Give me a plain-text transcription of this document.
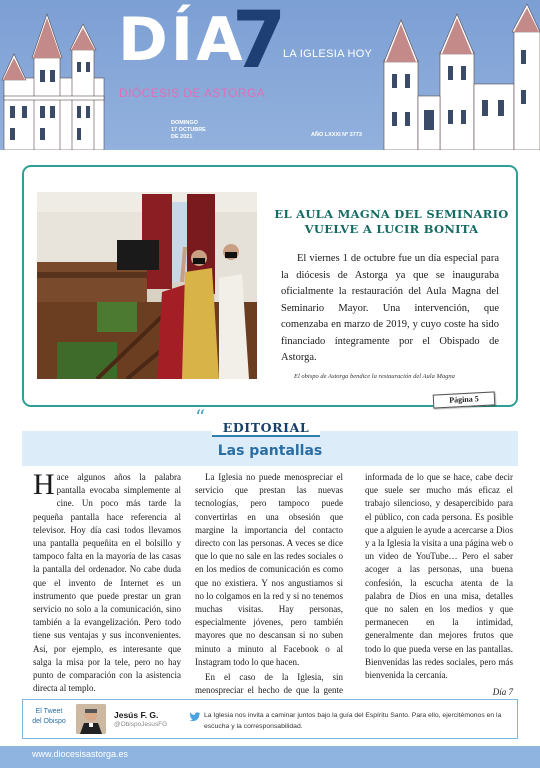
DÍA
7
LA IGLESIA HOY
DIÓCESIS DE ASTORGA
DOMINGO
17 OCTUBRE
DE 2021	AÑO LXXXI Nº 3773
EL AULA MAGNA DEL SEMINARIO
VUELVE A LUCIR BONITA

El viernes 1 de octubre fue un día especial para la diócesis de Astorga ya que se inauguraba oficialmente la restauración del Aula Magna del Seminario Mayor. Una intervención, que comenzaba en marzo de 2019, y cuyo coste ha sido financiado íntegramente por el Obispado de Astorga.

El obispo de Astorga bendice la restauración del Aula Magna
Página 5
“	EDITORIAL
Las pantallas

Hace algunos años la palabra pantalla evocaba simplemente al cine. Un poco más tarde la pequeña pantalla hace referencia al televisor. Hoy día casi todos llevamos una pantalla pequeñita en el bolsillo y tampoco falta en la mayoría de las casas la pantalla del ordenador. No cabe duda que el invento de Internet es un instrumento que puede prestar un gran servicio no solo a la comunicación, sino también a la evangelización. Pero todo tiene sus ventajas y sus inconvenientes. Así, por ejemplo, es interesante que salga la misa por la tele, pero no hay punto de comparación con la asistencia directa al templo.

La Iglesia no puede menospreciar el servicio que prestan las nuevas tecnologías, pero tampoco puede convertirlas en una obsesión que margine la importancia del contacto directo con las personas. A veces se dice que lo que no sale en las redes sociales o en los medios de comunicación es como que no existiera. Y nos angustiamos si no lo colgamos en la red y si no tenemos muchas visitas. Hay personas, especialmente jóvenes, pero también mayores que no descansan si no suben minuto a minuto al Facebook o al Instagram todo lo que hacen.

En el caso de la Iglesia, sin menospreciar el hecho de que la gente

informada de lo que se hace, cabe decir que suele ser mucho más eficaz el trabajo silencioso, y desapercibido para el público, con cada persona. Es posible que a alguien le ayude a acercarse a Dios y a la Iglesia la visita a una página web o un video de YouTube… Pero el saber acoger a las personas, una buena confesión, la escucha atenta de la palabra de Dios en una misa, detalles que no salen en los medios y que permanecen en la intimidad, generalmente dan mejores frutos que todo lo que pueda verse en las pantallas. Bienvenidas las redes sociales, pero más bienvenida la cercanía.

Día 7
El Tweet
del Obispo
Jesús F. G.
@ObispoJesusFG

La Iglesia nos invita a caminar juntos bajo la guía del Espíritu Santo. Para ello, ejercitémonos en la escucha y la corresponsabilidad.

www.diocesisastorga.es
